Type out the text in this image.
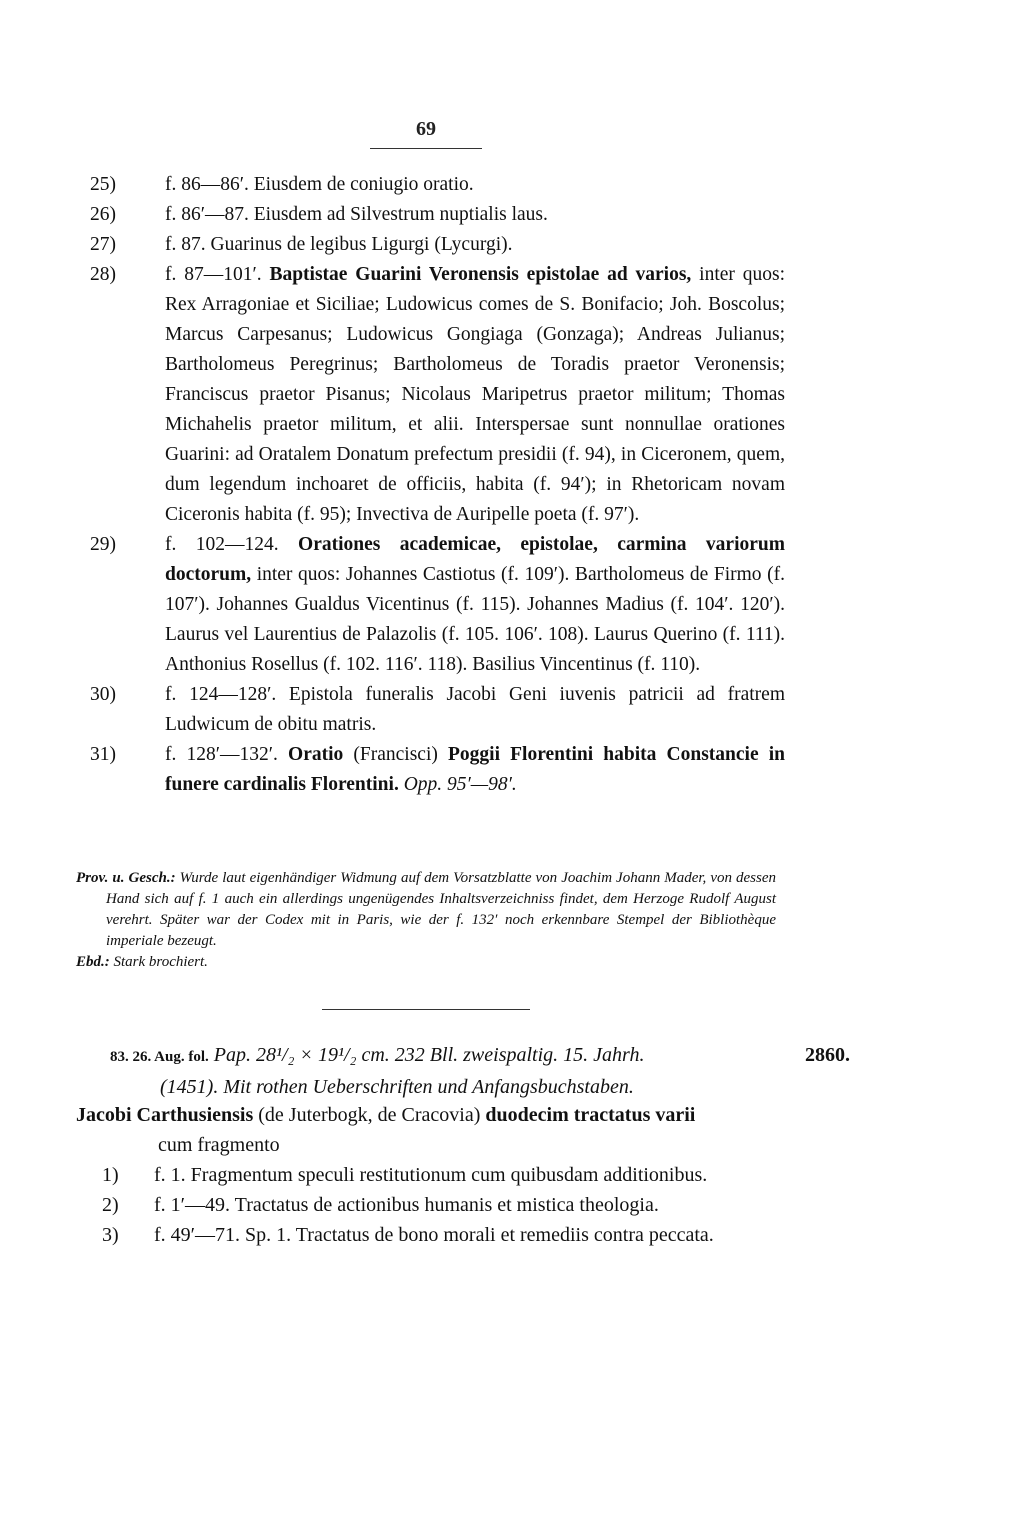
69
25)	f. 86—86′. Eiusdem de coniugio oratio.
26)	f. 86′—87. Eiusdem ad Silvestrum nuptialis laus.
27)	f. 87. Guarinus de legibus Ligurgi (Lycurgi).
28)	f. 87—101′. Baptistae Guarini Veronensis epistolae ad varios, inter quos: Rex Arragoniae et Siciliae; Ludowicus comes de S. Bonifacio; Joh. Boscolus; Marcus Carpesanus; Ludowicus Gongiaga (Gonzaga); Andreas Julianus; Bartholomeus Peregrinus; Bartholomeus de Toradis praetor Veronensis; Franciscus praetor Pisanus; Nicolaus Maripetrus praetor militum; Thomas Michahelis praetor militum, et alii. Interspersae sunt nonnullae orationes Guarini: ad Oratalem Donatum prefectum presidii (f. 94), in Ciceronem, quem, dum legendum inchoaret de officiis, habita (f. 94′); in Rhetoricam novam Ciceronis habita (f. 95); Invectiva de Auripelle poeta (f. 97′).
29)	f. 102—124. Orationes academicae, epistolae, carmina variorum doctorum, inter quos: Johannes Castiotus (f. 109′). Bartholomeus de Firmo (f. 107′). Johannes Gualdus Vicentinus (f. 115). Johannes Madius (f. 104′. 120′). Laurus vel Laurentius de Palazolis (f. 105. 106′. 108). Laurus Querino (f. 111). Anthonius Rosellus (f. 102. 116′. 118). Basilius Vincentinus (f. 110).
30)	f. 124—128′. Epistola funeralis Jacobi Geni iuvenis patricii ad fratrem Ludwicum de obitu matris.
31)	f. 128′—132′. Oratio (Francisci) Poggii Florentini habita Constancie in funere cardinalis Florentini. Opp. 95′—98′.
Prov. u. Gesch.: Wurde laut eigenhändiger Widmung auf dem Vorsatzblatte von Joachim Johann Mader, von dessen Hand sich auf f. 1 auch ein allerdings ungenügendes Inhaltsverzeichniss findet, dem Herzoge Rudolf August verehrt. Später war der Codex mit in Paris, wie der f. 132′ noch erkennbare Stempel der Bibliothèque imperiale bezeugt.
Ebd.: Stark brochiert.
83. 26. Aug. fol. Pap. 28¹/₂ × 19¹/₂ cm. 232 Bll. zweispaltig. 15. Jahrh.	2860.
(1451). Mit rothen Ueberschriften und Anfangsbuchstaben.
Jacobi Carthusiensis (de Juterbogk, de Cracovia) duodecim tractatus varii
cum fragmento
1) f. 1. Fragmentum speculi restitutionum cum quibusdam additionibus.
2) f. 1′—49. Tractatus de actionibus humanis et mistica theologia.
3) f. 49′—71. Sp. 1. Tractatus de bono morali et remediis contra peccata.
